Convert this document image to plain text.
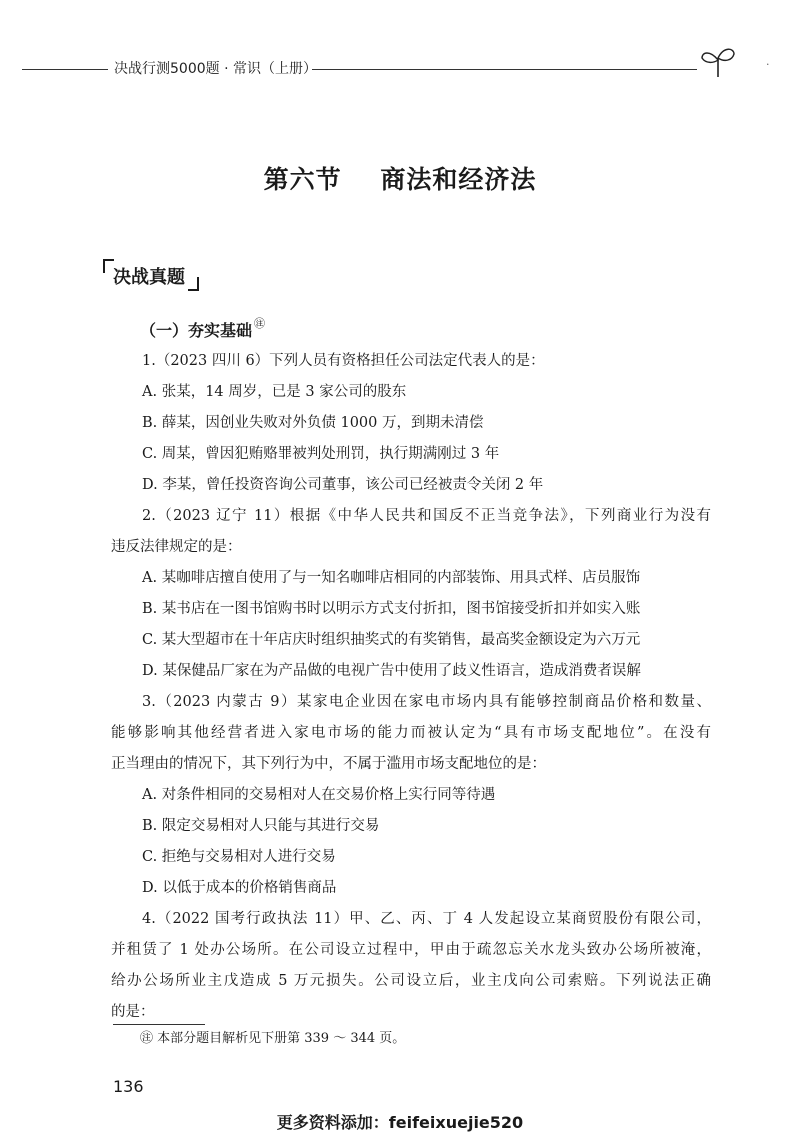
决战行测5000题 · 常识（上册）	·
第六节    商法和经济法
决战真题
（一）夯实基础 ㊟
1.（2023 四川 6）下列人员有资格担任公司法定代表人的是：
A. 张某，14 周岁，已是 3 家公司的股东
B. 薛某，因创业失败对外负债 1000 万，到期未清偿
C. 周某，曾因犯贿赂罪被判处刑罚，执行期满刚过 3 年
D. 李某，曾任投资咨询公司董事，该公司已经被责令关闭 2 年
2.（2023 辽宁 11）根据《中华人民共和国反不正当竞争法》，下列商业行为没有
违反法律规定的是：
A. 某咖啡店擅自使用了与一知名咖啡店相同的内部装饰、用具式样、店员服饰
B. 某书店在一图书馆购书时以明示方式支付折扣，图书馆接受折扣并如实入账
C. 某大型超市在十年店庆时组织抽奖式的有奖销售，最高奖金额设定为六万元
D. 某保健品厂家在为产品做的电视广告中使用了歧义性语言，造成消费者误解
3.（2023 内蒙古 9）某家电企业因在家电市场内具有能够控制商品价格和数量、
能够影响其他经营者进入家电市场的能力而被认定为“具有市场支配地位”。在没有
正当理由的情况下，其下列行为中，不属于滥用市场支配地位的是：
A. 对条件相同的交易相对人在交易价格上实行同等待遇
B. 限定交易相对人只能与其进行交易
C. 拒绝与交易相对人进行交易
D. 以低于成本的价格销售商品
4.（2022 国考行政执法 11）甲、乙、丙、丁 4 人发起设立某商贸股份有限公司，
并租赁了 1 处办公场所。在公司设立过程中，甲由于疏忽忘关水龙头致办公场所被淹，
给办公场所业主戊造成 5 万元损失。公司设立后，业主戊向公司索赔。下列说法正确
的是：
㊟ 本部分题目解析见下册第 339 ～ 344 页。
136
更多资料添加：feifeixuejie520
